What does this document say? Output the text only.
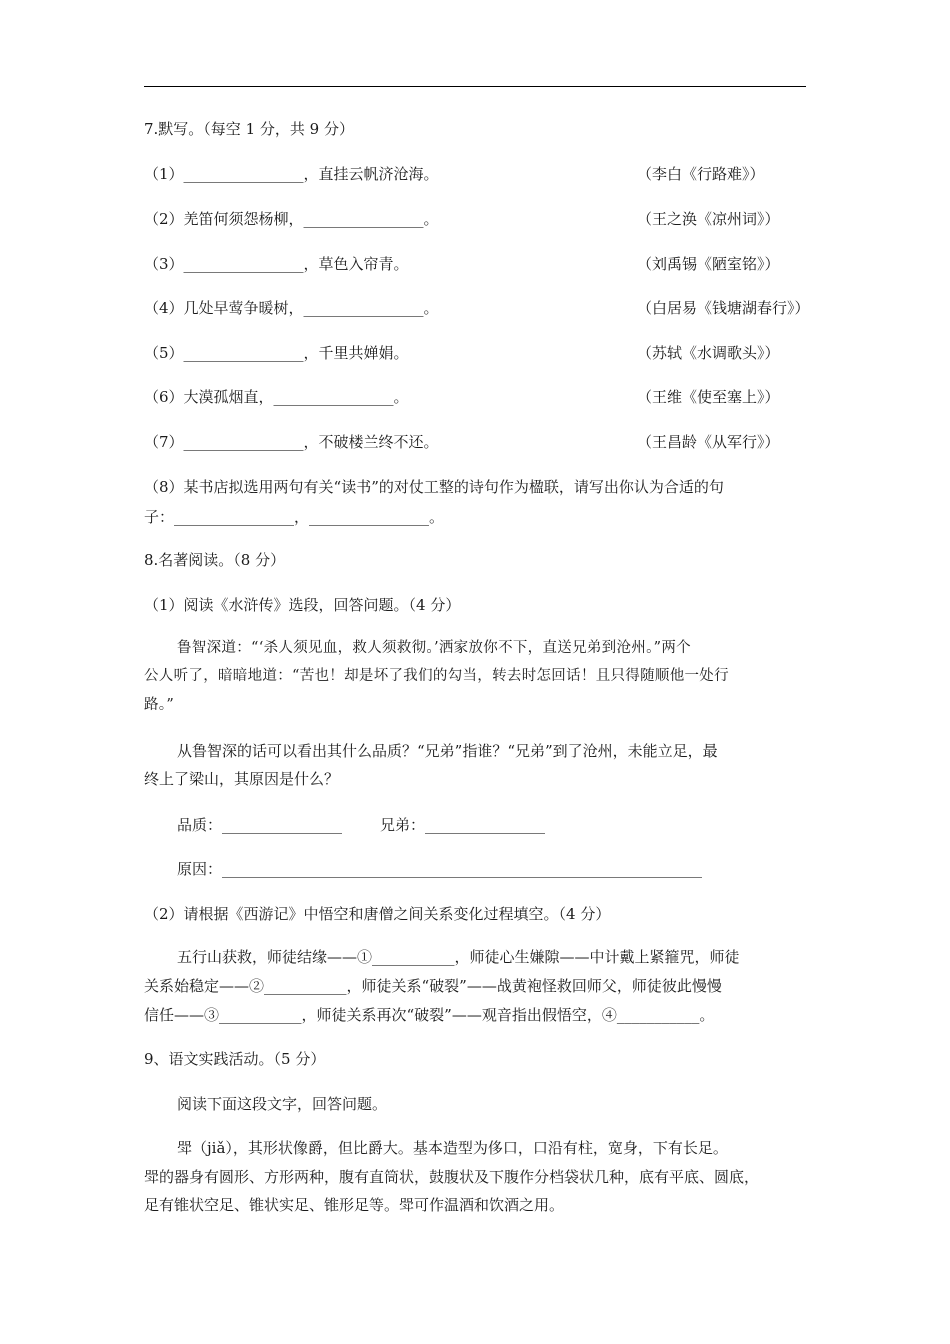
7.默写。（每空 1 分，共 9 分）
（1）________________，直挂云帆济沧海。	（李白《行路难》）
（2）羌笛何须怨杨柳，________________。	（王之涣《凉州词》）
（3）________________，草色入帘青。	（刘禹锡《陋室铭》）
（4）几处早莺争暖树，________________。	（白居易《钱塘湖春行》）
（5）________________，千里共婵娟。	（苏轼《水调歌头》）
（6）大漠孤烟直，________________。	（王维《使至塞上》）
（7）________________，不破楼兰终不还。	（王昌龄《从军行》）
（8）某书店拟选用两句有关“读书”的对仗工整的诗句作为楹联，请写出你认为合适的句
子：________________，________________。
8.名著阅读。（8 分）
（1）阅读《水浒传》选段，回答问题。（4 分）
鲁智深道：“‘杀人须见血，救人须救彻。’洒家放你不下，直送兄弟到沧州。”两个
公人听了，暗暗地道：“苦也！却是坏了我们的勾当，转去时怎回话！且只得随顺他一处行
路。”
从鲁智深的话可以看出其什么品质？“兄弟”指谁？“兄弟”到了沧州，未能立足，最
终上了梁山，其原因是什么？
品质：________________	兄弟：________________
原因：________________________________________________________________
（2）请根据《西游记》中悟空和唐僧之间关系变化过程填空。（4 分）
五行山获救，师徒结缘——①___________，师徒心生嫌隙——中计戴上紧箍咒，师徒
关系始稳定——②___________，师徒关系“破裂”——战黄袍怪救回师父，师徒彼此慢慢
信任——③___________，师徒关系再次“破裂”——观音指出假悟空，④___________。
9、语文实践活动。（5 分）
阅读下面这段文字，回答问题。
斝（jiǎ），其形状像爵，但比爵大。基本造型为侈口，口沿有柱，宽身，下有长足。
斝的器身有圆形、方形两种，腹有直筒状，鼓腹状及下腹作分档袋状几种，底有平底、圆底，
足有锥状空足、锥状实足、锥形足等。斝可作温酒和饮酒之用。
